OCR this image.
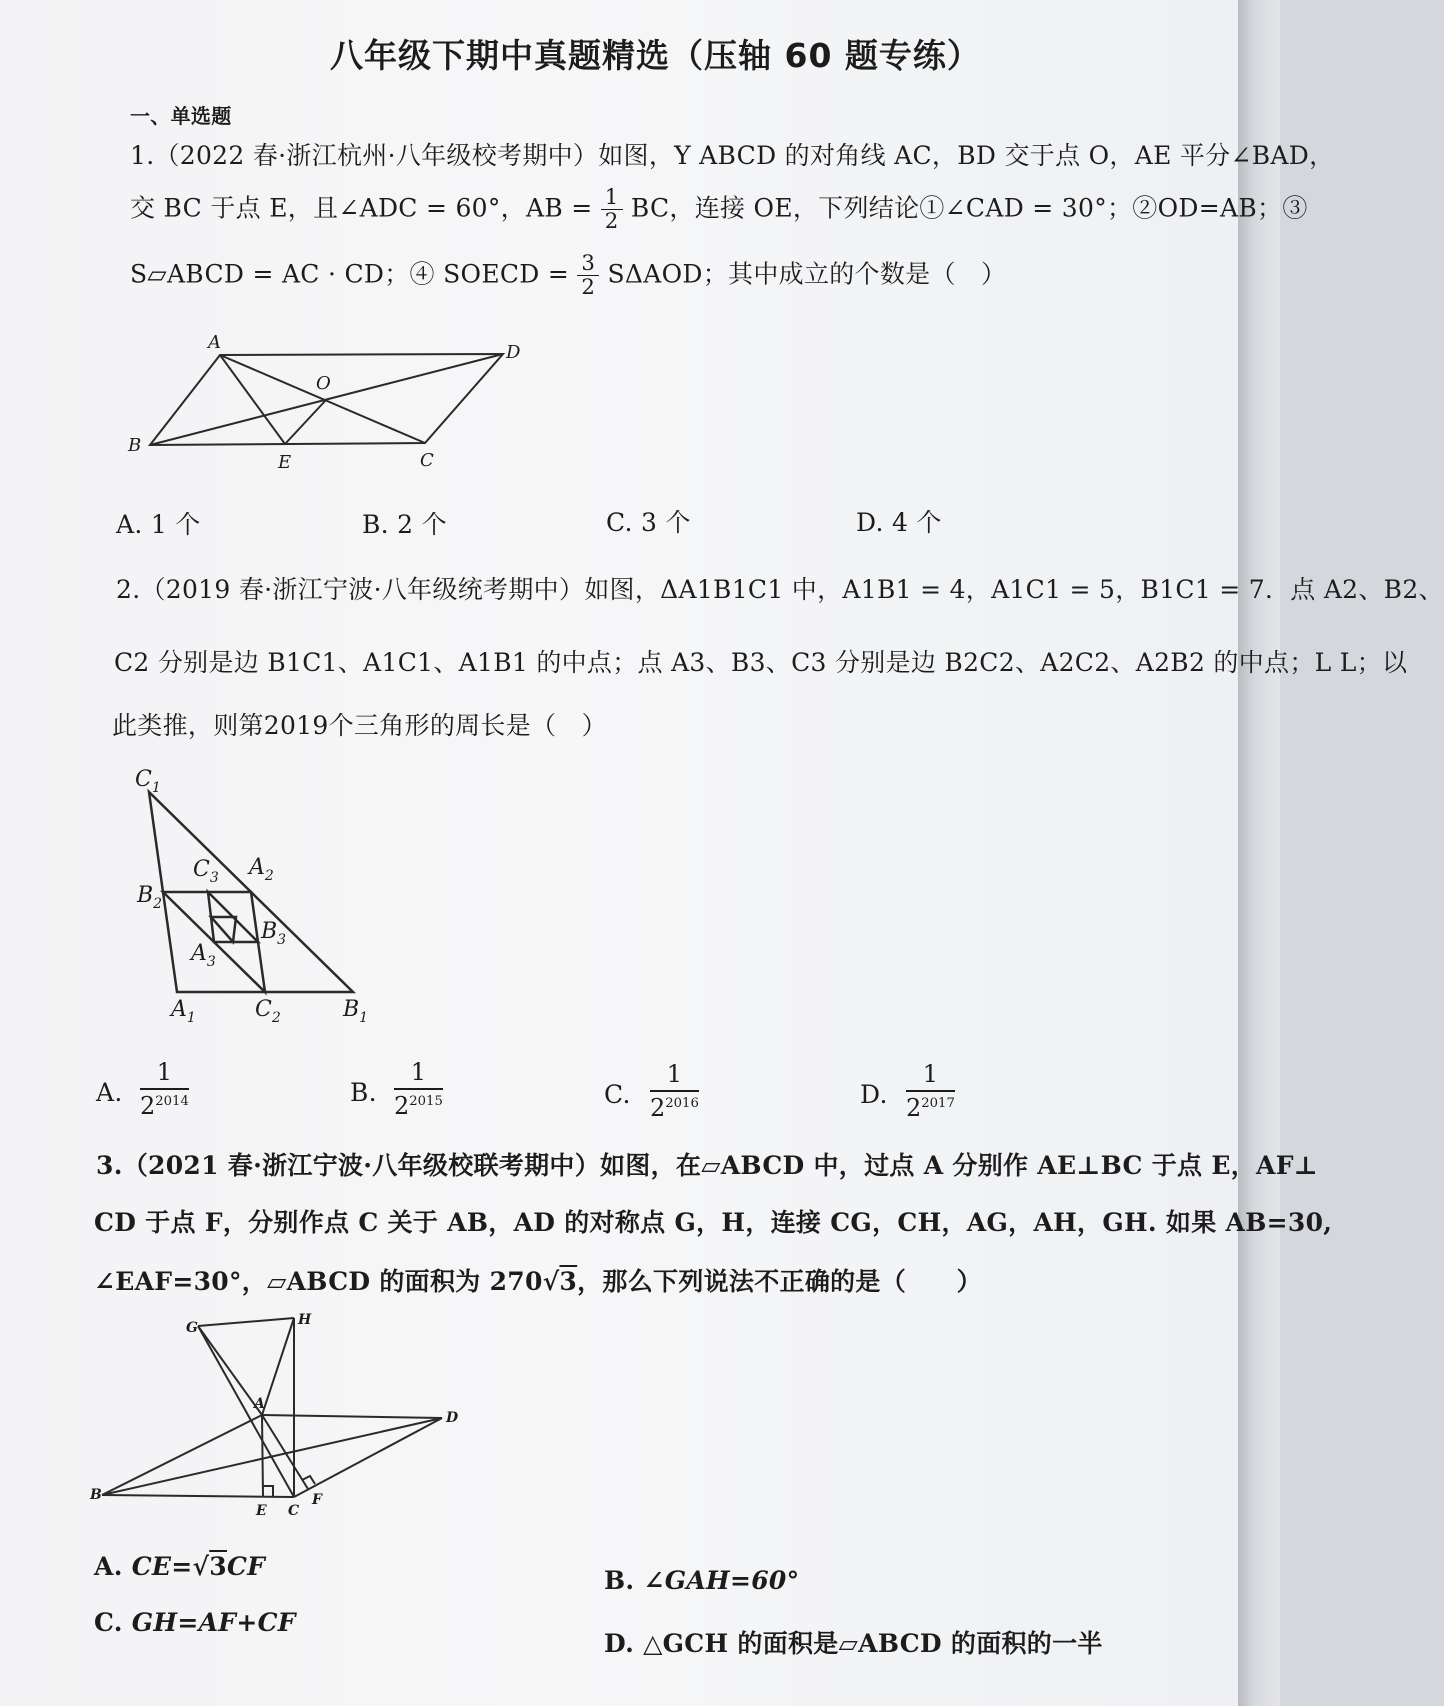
八年级下期中真题精选（压轴 60 题专练）
一、单选题
1.（2022 春·浙江杭州·八年级校考期中）如图，Y ABCD 的对角线 AC，BD 交于点 O，AE 平分∠BAD，
交 BC 于点 E，且∠ADC = 60°，AB = $\frac{1}{2}$ BC，连接 OE，下列结论①∠CAD = 30°；②OD=AB；③
S▱ABCD = AC · CD；④ SOECD = $\frac{3}{2}$ SΔAOD；其中成立的个数是（　）
A	D
O
B
E	C
A. 1 个	B. 2 个	C. 3 个	D. 4 个
2.（2019 春·浙江宁波·八年级统考期中）如图，ΔA1B1C1 中，A1B1 = 4，A1C1 = 5，B1C1 = 7．点 A2、B2、
C2 分别是边 B1C1、A1C1、A1B1 的中点；点 A3、B3、C3 分别是边 B2C2、A2C2、A2B2 的中点；L L；以
此类推，则第2019个三角形的周长是（　）
$C_1$
$C_3$ $A_2$
$B_2$
$B_3$
$A_3$
$A_1$	$C_2$	$B_1$
A. $\frac{1}{2^{2014}}$	B. $\frac{1}{2^{2015}}$	C. $\frac{1}{2^{2016}}$	D. $\frac{1}{2^{2017}}$
3.（2021 春·浙江宁波·八年级校联考期中）如图，在▱ABCD 中，过点 A 分别作 AE⊥BC 于点 E，AF⊥
CD 于点 F，分别作点 C 关于 AB，AD 的对称点 G，H，连接 CG，CH，AG，AH，GH. 如果 AB=30,
∠EAF=30°，▱ABCD 的面积为 270√3，那么下列说法不正确的是（　　）
G	H
A
D
B
E C
F
A. CE=√3CF	B. ∠GAH=60°
C. GH=AF+CF
D. △GCH 的面积是▱ABCD 的面积的一半
